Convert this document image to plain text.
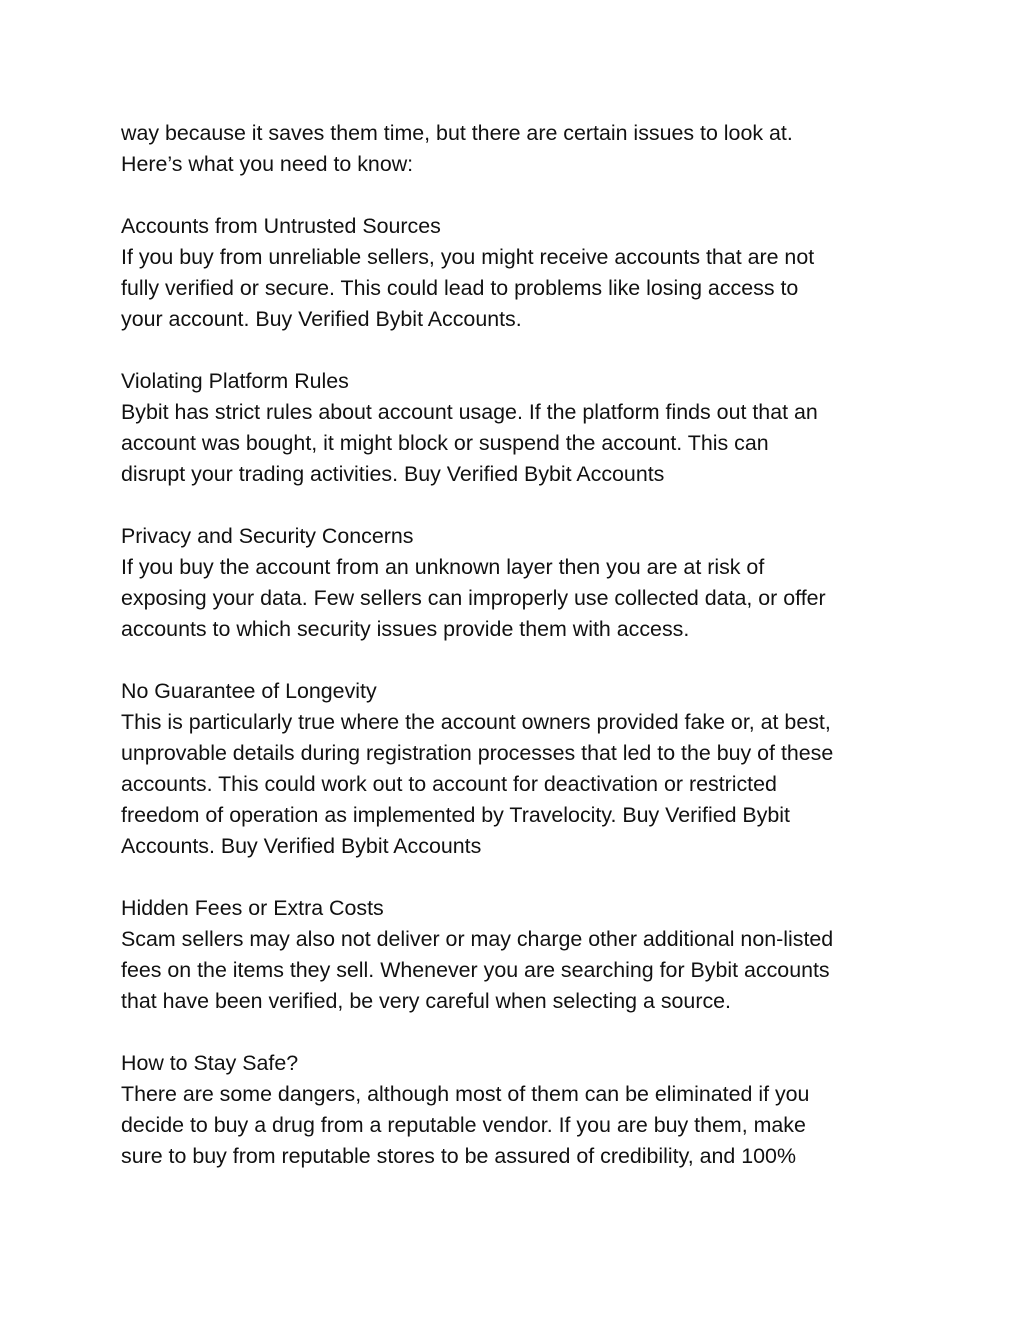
way because it saves them time, but there are certain issues to look at.
Here’s what you need to know:
Accounts from Untrusted Sources
If you buy from unreliable sellers, you might receive accounts that are not
fully verified or secure. This could lead to problems like losing access to
your account. Buy Verified Bybit Accounts.
Violating Platform Rules
Bybit has strict rules about account usage. If the platform finds out that an
account was bought, it might block or suspend the account. This can
disrupt your trading activities. Buy Verified Bybit Accounts
Privacy and Security Concerns
If you buy the account from an unknown layer then you are at risk of
exposing your data. Few sellers can improperly use collected data, or offer
accounts to which security issues provide them with access.
No Guarantee of Longevity
This is particularly true where the account owners provided fake or, at best,
unprovable details during registration processes that led to the buy of these
accounts. This could work out to account for deactivation or restricted
freedom of operation as implemented by Travelocity. Buy Verified Bybit
Accounts. Buy Verified Bybit Accounts
Hidden Fees or Extra Costs
Scam sellers may also not deliver or may charge other additional non-listed
fees on the items they sell. Whenever you are searching for Bybit accounts
that have been verified, be very careful when selecting a source.
How to Stay Safe?
There are some dangers, although most of them can be eliminated if you
decide to buy a drug from a reputable vendor. If you are buy them, make
sure to buy from reputable stores to be assured of credibility, and 100%
